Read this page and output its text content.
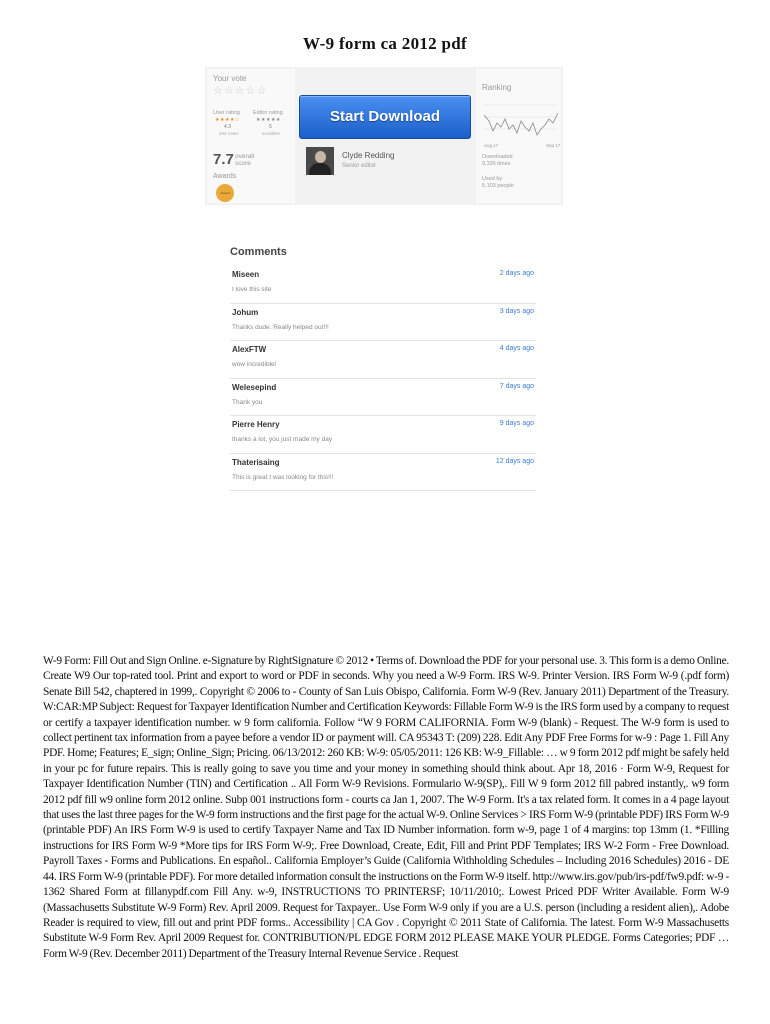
W-9 form ca 2012 pdf
Your vote
☆☆☆☆☆
User rating Editor rating
★★★★☆	★★★★★
4.3	5
462 votes	excellent
7.7 overall score
Awards
Award
Start Download
Clyde Redding
Senior editor
Ranking
Aug 17	Sep 17
Downloaded
9,336 times
Used by
5,103 people
Comments
Miseen	2 days ago
I love this site
Johum	3 days ago
Thanks dude. Really helped out!!!
AlexFTW	4 days ago
wow incredible!
Welesepind	7 days ago
Thank you
Pierre Henry	9 days ago
thanks a lot, you just made my day
Thaterisaing	12 days ago
This is great I was looking for this!!!
W-9 Form: Fill Out and Sign Online. e-Signature by RightSignature © 2012 • Terms of. Download the PDF for your personal use. 3. This form is a demo Online. Create W9 Our top-rated tool. Print and export to word or PDF in seconds. Why you need a W-9 Form. IRS W-9. Printer Version. IRS Form W-9 (.pdf form) Senate Bill 542, chaptered in 1999,. Copyright © 2006 to - County of San Luis Obispo, California. Form W-9 (Rev. January 2011) Department of the Treasury. W:CAR:MP Subject: Request for Taxpayer Identification Number and Certification Keywords: Fillable Form W-9 is the IRS form used by a company to request or certify a taxpayer identification number. w 9 form california. Follow “W 9 FORM CALIFORNIA. Form W-9 (blank) - Request. The W-9 form is used to collect pertinent tax information from a payee before a vendor ID or payment will. CA 95343 T: (209) 228. Edit Any PDF Free Forms for w-9 : Page 1. Fill Any PDF. Home; Features; E_sign; Online_Sign; Pricing. 06/13/2012: 260 KB: W-9: 05/05/2011: 126 KB: W-9_Fillable: … w 9 form 2012 pdf might be safely held in your pc for future repairs. This is really going to save you time and your money in something should think about. Apr 18, 2016 · Form W-9, Request for Taxpayer Identification Number (TIN) and Certification .. All Form W-9 Revisions. Formulario W-9(SP),. Fill W 9 form 2012 fill pabred instantly,. w9 form 2012 pdf fill w9 online form 2012 online. Subp 001 instructions form - courts ca Jan 1, 2007. The W-9 Form. It's a tax related form. It comes in a 4 page layout that uses the last three pages for the W-9 form instructions and the first page for the actual W-9. Online Services > IRS Form W-9 (printable PDF) IRS Form W-9 (printable PDF) An IRS Form W-9 is used to certify Taxpayer Name and Tax ID Number information. form w-9, page 1 of 4 margins: top 13mm (1. *Filling instructions for IRS Form W-9 *More tips for IRS Form W-9;. Free Download, Create, Edit, Fill and Print PDF Templates; IRS W-2 Form - Free Download. Payroll Taxes - Forms and Publications. En español.. California Employer’s Guide (California Withholding Schedules – Including 2016 Schedules) 2016 - DE 44. IRS Form W-9 (printable PDF). For more detailed information consult the instructions on the Form W-9 itself. http://www.irs.gov/pub/irs-pdf/fw9.pdf: w-9 - 1362 Shared Form at fillanypdf.com Fill Any. w-9, INSTRUCTIONS TO PRINTERSF; 10/11/2010;. Lowest Priced PDF Writer Available. Form W-9 (Massachusetts Substitute W-9 Form) Rev. April 2009. Request for Taxpayer.. Use Form W-9 only if you are a U.S. person (including a resident alien),. Adobe Reader is required to view, fill out and print PDF forms.. Accessibility | CA Gov . Copyright © 2011 State of California. The latest. Form W-9 Massachusetts Substitute W-9 Form Rev. April 2009 Request for. CONTRIBUTION/PL EDGE FORM 2012 PLEASE MAKE YOUR PLEDGE. Forms Categories; PDF … Form W-9 (Rev. December 2011) Department of the Treasury Internal Revenue Service . Request
